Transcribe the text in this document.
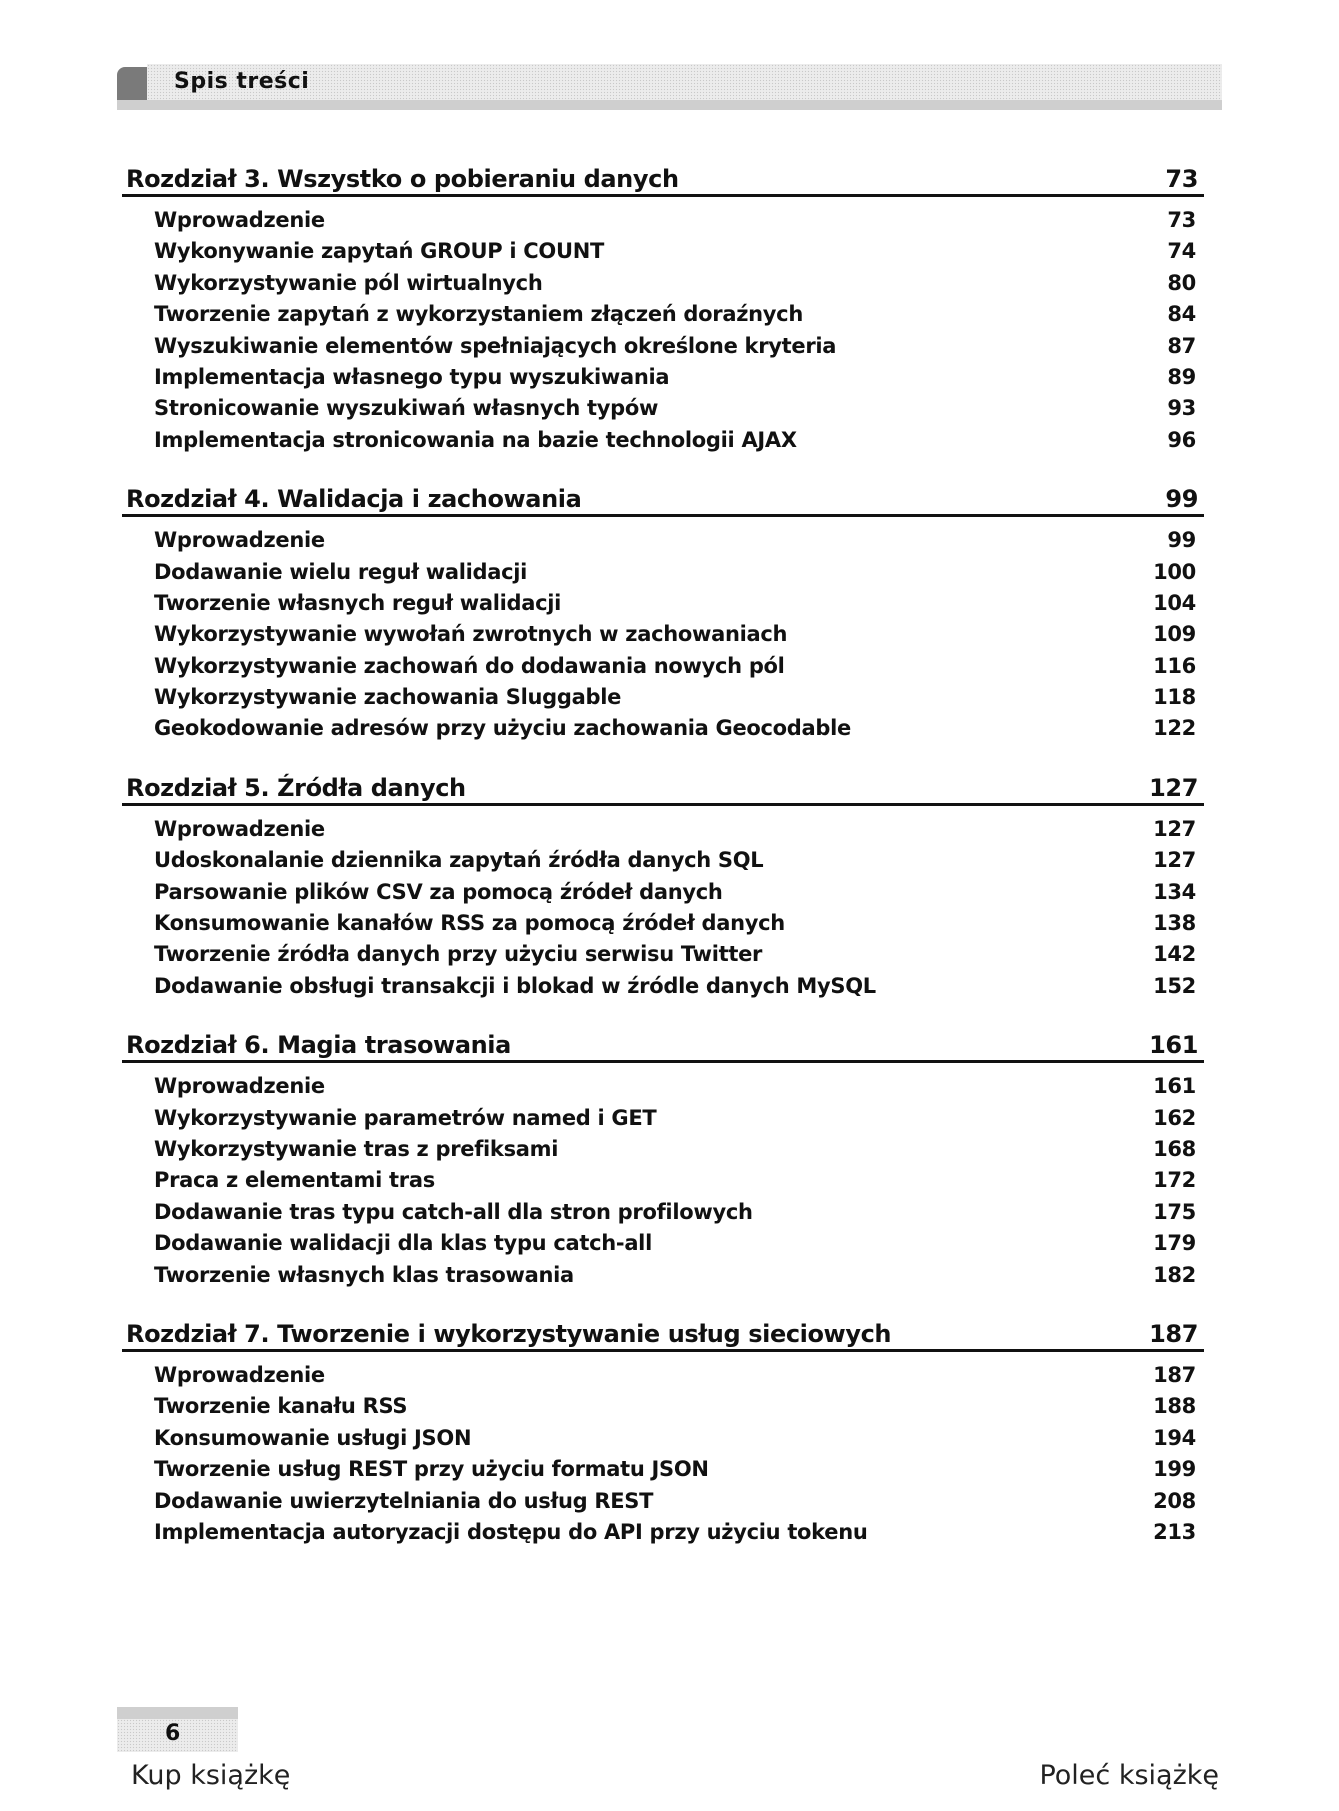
Spis treści
Rozdział 3. Wszystko o pobieraniu danych	73
Wprowadzenie	73
Wykonywanie zapytań GROUP i COUNT	74
Wykorzystywanie pól wirtualnych	80
Tworzenie zapytań z wykorzystaniem złączeń doraźnych	84
Wyszukiwanie elementów spełniających określone kryteria	87
Implementacja własnego typu wyszukiwania	89
Stronicowanie wyszukiwań własnych typów	93
Implementacja stronicowania na bazie technologii AJAX	96
Rozdział 4. Walidacja i zachowania	99
Wprowadzenie	99
Dodawanie wielu reguł walidacji	100
Tworzenie własnych reguł walidacji	104
Wykorzystywanie wywołań zwrotnych w zachowaniach	109
Wykorzystywanie zachowań do dodawania nowych pól	116
Wykorzystywanie zachowania Sluggable	118
Geokodowanie adresów przy użyciu zachowania Geocodable	122
Rozdział 5. Źródła danych	127
Wprowadzenie	127
Udoskonalanie dziennika zapytań źródła danych SQL	127
Parsowanie plików CSV za pomocą źródeł danych	134
Konsumowanie kanałów RSS za pomocą źródeł danych	138
Tworzenie źródła danych przy użyciu serwisu Twitter	142
Dodawanie obsługi transakcji i blokad w źródle danych MySQL	152
Rozdział 6. Magia trasowania	161
Wprowadzenie	161
Wykorzystywanie parametrów named i GET	162
Wykorzystywanie tras z prefiksami	168
Praca z elementami tras	172
Dodawanie tras typu catch-all dla stron profilowych	175
Dodawanie walidacji dla klas typu catch-all	179
Tworzenie własnych klas trasowania	182
Rozdział 7. Tworzenie i wykorzystywanie usług sieciowych	187
Wprowadzenie	187
Tworzenie kanału RSS	188
Konsumowanie usługi JSON	194
Tworzenie usług REST przy użyciu formatu JSON	199
Dodawanie uwierzytelniania do usług REST	208
Implementacja autoryzacji dostępu do API przy użyciu tokenu	213
6
Kup książkę	Poleć książkę
